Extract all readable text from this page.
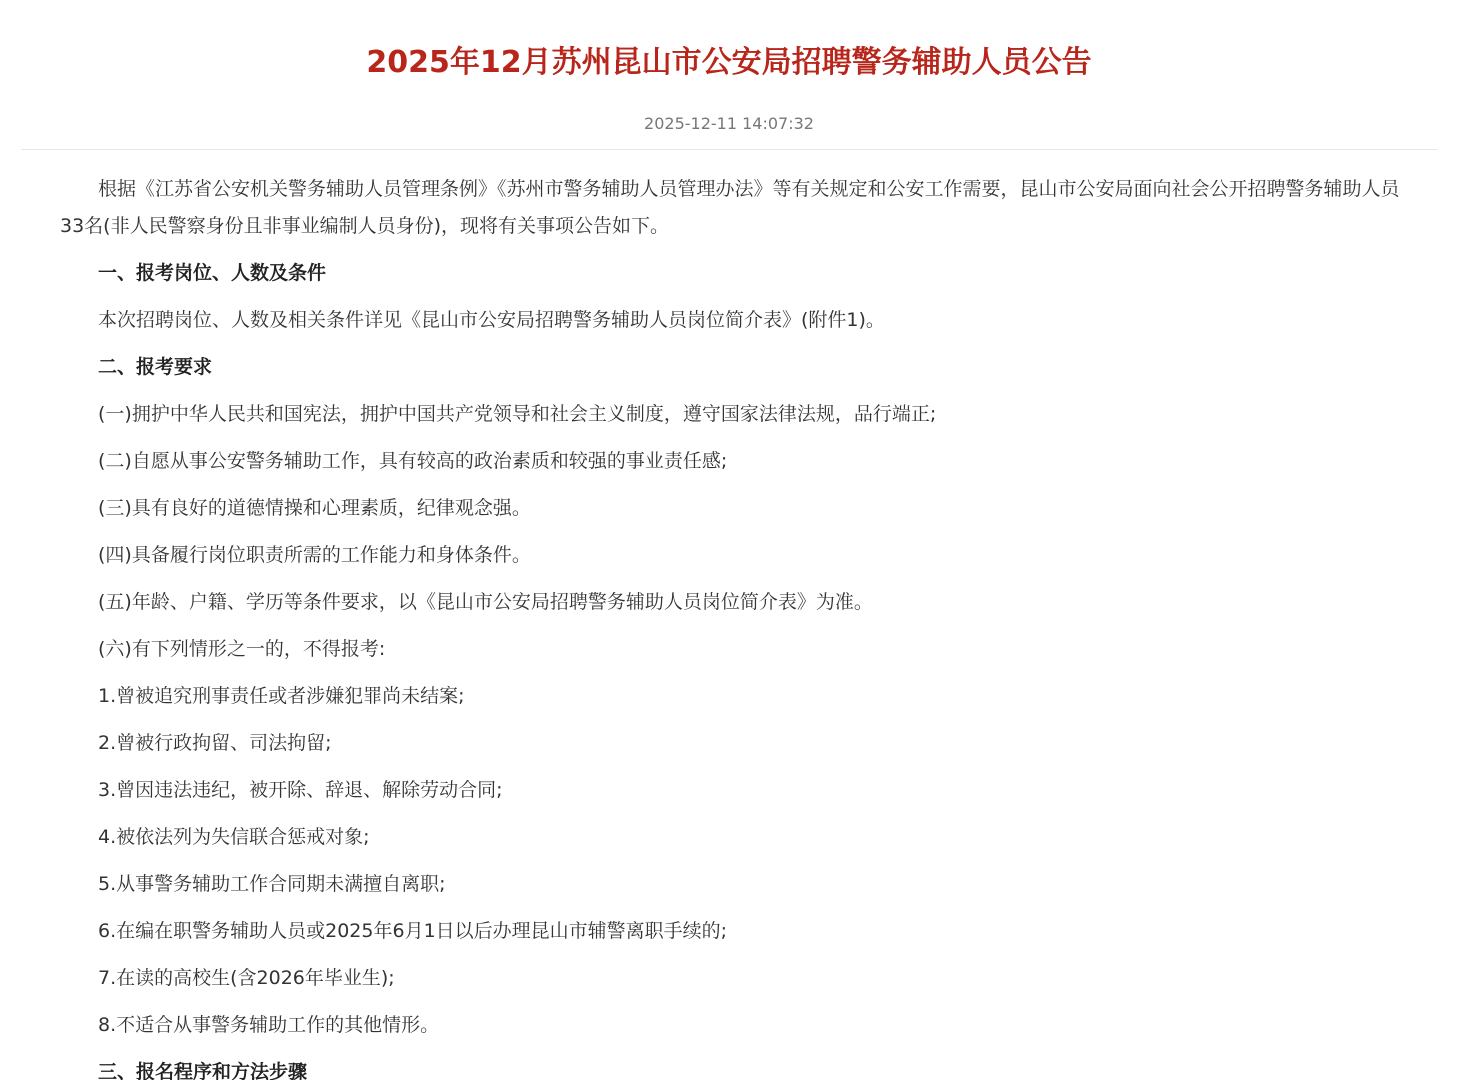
2025年12月苏州昆山市公安局招聘警务辅助人员公告
2025-12-11 14:07:32

根据《江苏省公安机关警务辅助人员管理条例》《苏州市警务辅助人员管理办法》等有关规定和公安工作需要，昆山市公安局面向社会公开招聘警务辅助人员33名(非人民警察身份且非事业编制人员身份)，现将有关事项公告如下。

一、报考岗位、人数及条件

本次招聘岗位、人数及相关条件详见《昆山市公安局招聘警务辅助人员岗位简介表》(附件1)。

二、报考要求

(一)拥护中华人民共和国宪法，拥护中国共产党领导和社会主义制度，遵守国家法律法规，品行端正;

(二)自愿从事公安警务辅助工作，具有较高的政治素质和较强的事业责任感;

(三)具有良好的道德情操和心理素质，纪律观念强。

(四)具备履行岗位职责所需的工作能力和身体条件。

(五)年龄、户籍、学历等条件要求，以《昆山市公安局招聘警务辅助人员岗位简介表》为准。

(六)有下列情形之一的，不得报考:

1.曾被追究刑事责任或者涉嫌犯罪尚未结案;

2.曾被行政拘留、司法拘留;

3.曾因违法违纪，被开除、辞退、解除劳动合同;

4.被依法列为失信联合惩戒对象;

5.从事警务辅助工作合同期未满擅自离职;

6.在编在职警务辅助人员或2025年6月1日以后办理昆山市辅警离职手续的;

7.在读的高校生(含2026年毕业生);

8.不适合从事警务辅助工作的其他情形。

三、报名程序和方法步骤
